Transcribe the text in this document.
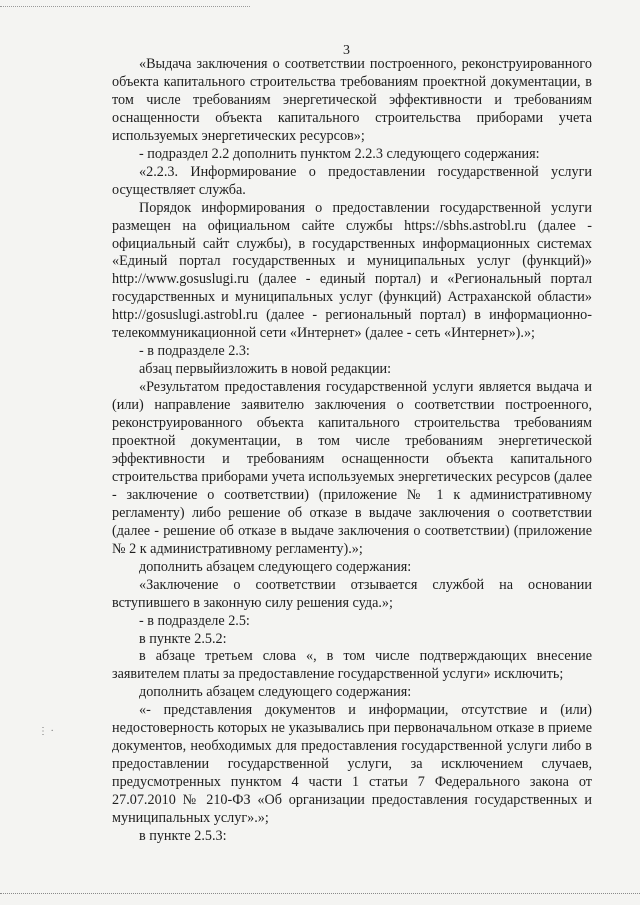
3

«Выдача заключения о соответствии построенного, реконструированного объекта капитального строительства требованиям проектной документации, в том числе требованиям энергетической эффективности и требованиям оснащенности объекта капитального строительства приборами учета используемых энергетических ресурсов»;

- подраздел 2.2 дополнить пунктом 2.2.3 следующего содержания:

«2.2.3. Информирование о предоставлении государственной услуги осуществляет служба.

Порядок информирования о предоставлении государственной услуги размещен на официальном сайте службы https://sbhs.astrobl.ru (далее - официальный сайт службы), в государственных информационных системах «Единый портал государственных и муниципальных услуг (функций)» http://www.gosuslugi.ru (далее - единый портал) и «Региональный портал государственных и муниципальных услуг (функций) Астраханской области» http://gosuslugi.astrobl.ru (далее - региональный портал) в информационно-телекоммуникационной сети «Интернет» (далее - сеть «Интернет»).»;

- в подразделе 2.3:

абзац первыйизложить в новой редакции:

«Результатом предоставления государственной услуги является выдача и (или) направление заявителю заключения о соответствии построенного, реконструированного объекта капитального строительства требованиям проектной документации, в том числе требованиям энергетической эффективности и требованиям оснащенности объекта капитального строительства приборами учета используемых энергетических ресурсов (далее - заключение о соответствии) (приложение № 1 к административному регламенту) либо решение об отказе в выдаче заключения о соответствии (далее - решение об отказе в выдаче заключения о соответствии) (приложение № 2 к административному регламенту).»;

дополнить абзацем следующего содержания:

«Заключение о соответствии отзывается службой на основании вступившего в законную силу решения суда.»;

- в подразделе 2.5:

в пункте 2.5.2:

в абзаце третьем слова «, в том числе подтверждающих внесение заявителем платы за предоставление государственной услуги» исключить;

дополнить абзацем следующего содержания:

«- представления документов и информации, отсутствие и (или) недостоверность которых не указывались при первоначальном отказе в приеме документов, необходимых для предоставления государственной услуги либо в предоставлении государственной услуги, за исключением случаев, предусмотренных пунктом 4 части 1 статьи 7 Федерального закона от 27.07.2010 № 210-ФЗ «Об организации предоставления государственных и муниципальных услуг».»;

в пункте 2.5.3:

⋮ ·
